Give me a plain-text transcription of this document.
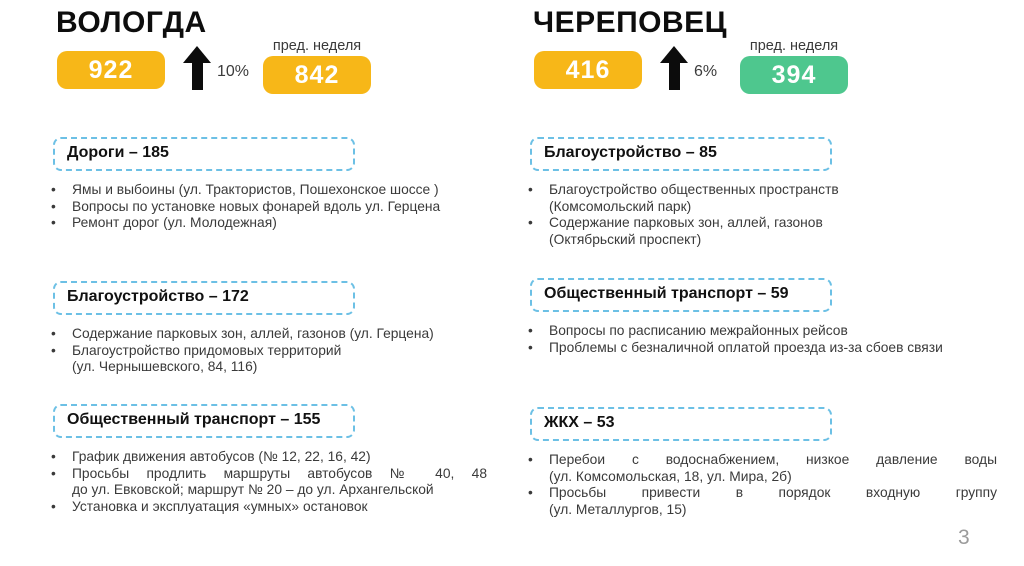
ВОЛОГДА
922	10%
пред. неделя
842
Дороги – 185
• Ямы и выбоины (ул. Трактористов, Пошехонское шоссе )
• Вопросы по установке новых фонарей вдоль ул. Герцена
• Ремонт дорог (ул. Молодежная)
Благоустройство – 172
• Содержание парковых зон, аллей, газонов (ул. Герцена)
• Благоустройство придомовых территорий
(ул. Чернышевского, 84, 116)
Общественный транспорт – 155
• График движения автобусов (№ 12, 22, 16, 42)
• Просьбы продлить маршруты автобусов № 40, 48
до ул. Евковской; маршрут № 20 – до ул. Архангельской
• Установка и эксплуатация «умных» остановок
ЧЕРЕПОВЕЦ
416	6%
пред. неделя
394
Благоустройство – 85
• Благоустройство общественных пространств
(Комсомольский парк)
• Содержание парковых зон, аллей, газонов
(Октябрьский проспект)
Общественный транспорт – 59
• Вопросы по расписанию межрайонных рейсов
• Проблемы с безналичной оплатой проезда из-за сбоев связи
ЖКХ – 53
• Перебои с водоснабжением, низкое давление воды
(ул. Комсомольская, 18, ул. Мира, 2б)
• Просьбы привести в порядок входную группу
(ул. Металлургов, 15)
3
